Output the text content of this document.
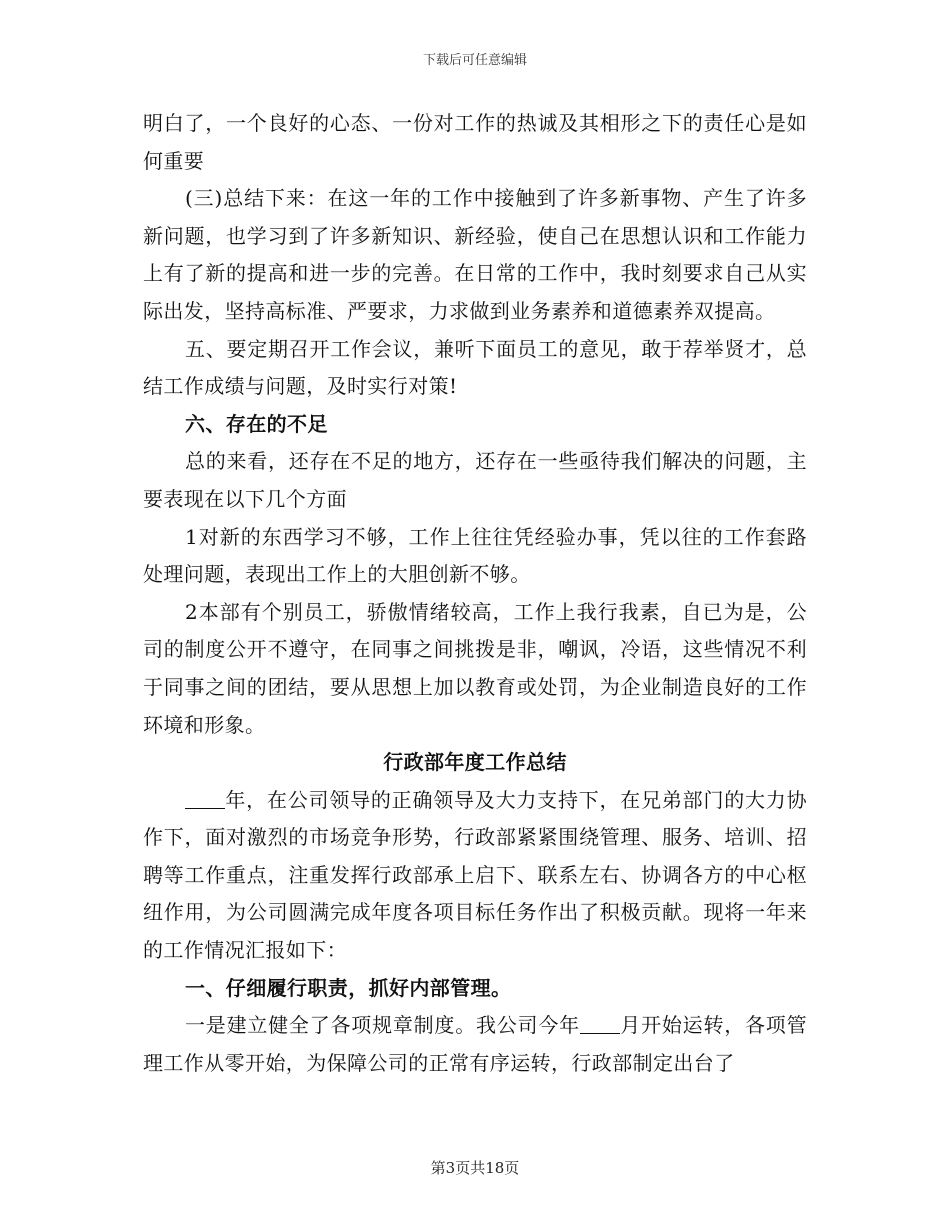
下载后可任意编辑

明白了，一个良好的心态、一份对工作的热诚及其相形之下的责任心是如何重要

(三)总结下来：在这一年的工作中接触到了许多新事物、产生了许多新问题，也学习到了许多新知识、新经验，使自己在思想认识和工作能力上有了新的提高和进一步的完善。在日常的工作中，我时刻要求自己从实际出发，坚持高标准、严要求，力求做到业务素养和道德素养双提高。

五、要定期召开工作会议，兼听下面员工的意见，敢于荐举贤才，总结工作成绩与问题，及时实行对策!

六、存在的不足

总的来看，还存在不足的地方，还存在一些亟待我们解决的问题，主要表现在以下几个方面

1对新的东西学习不够，工作上往往凭经验办事，凭以往的工作套路处理问题，表现出工作上的大胆创新不够。

2本部有个别员工，骄傲情绪较高，工作上我行我素，自已为是，公司的制度公开不遵守，在同事之间挑拨是非，嘲讽，冷语，这些情况不利于同事之间的团结，要从思想上加以教育或处罚，为企业制造良好的工作环境和形象。

行政部年度工作总结

年，在公司领导的正确领导及大力支持下，在兄弟部门的大力协作下，面对激烈的市场竞争形势，行政部紧紧围绕管理、服务、培训、招聘等工作重点，注重发挥行政部承上启下、联系左右、协调各方的中心枢纽作用，为公司圆满完成年度各项目标任务作出了积极贡献。现将一年来的工作情况汇报如下：

一、仔细履行职责，抓好内部管理。

一是建立健全了各项规章制度。我公司今年 月开始运转，各项管理工作从零开始，为保障公司的正常有序运转，行政部制定出台了

第3页共18页
